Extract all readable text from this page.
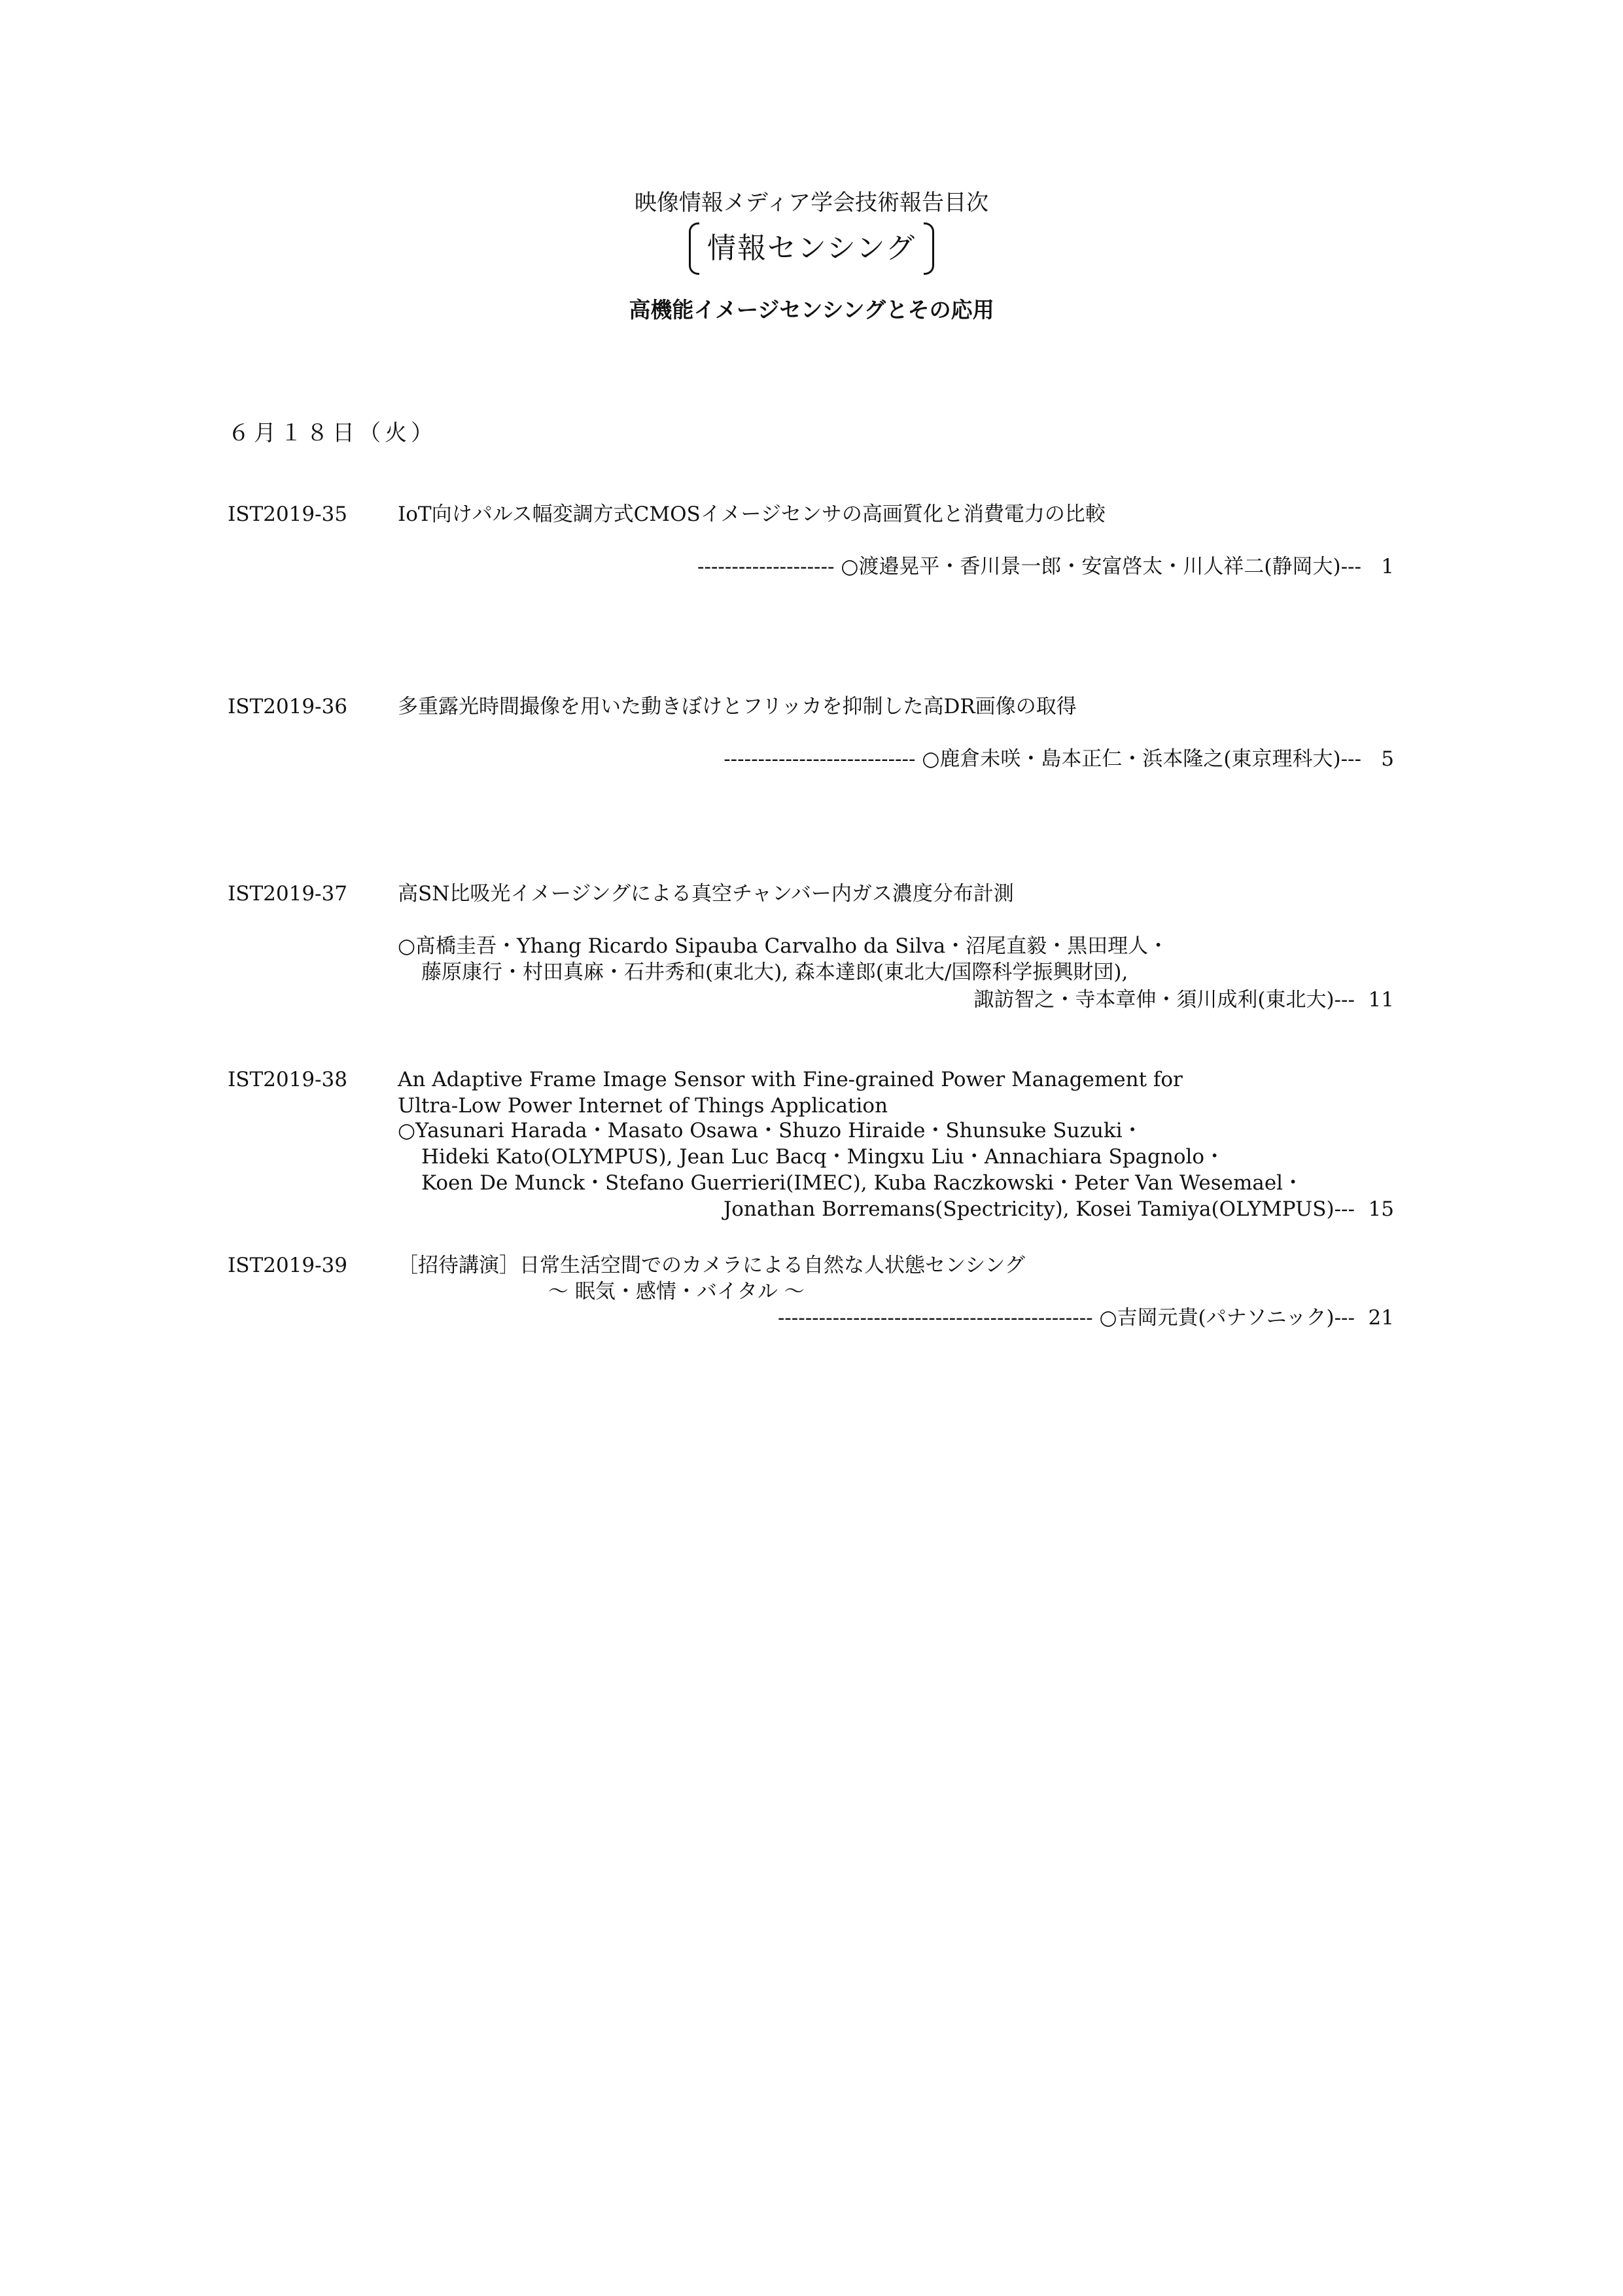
映像情報メディア学会技術報告目次
情報センシング
高機能イメージセンシングとその応用
６月１８日（火）
IST2019-35 IoT向けパルス幅変調方式CMOSイメージセンサの高画質化と消費電力の比較
-------------------- ○渡邉晃平・香川景一郎・安富啓太・川人祥二(静岡大)--- 1
IST2019-36 多重露光時間撮像を用いた動きぼけとフリッカを抑制した高DR画像の取得
---------------------------- ○鹿倉未咲・島本正仁・浜本隆之(東京理科大)--- 5
IST2019-37 高SN比吸光イメージングによる真空チャンバー内ガス濃度分布計測
○髙橋圭吾・Yhang Ricardo Sipauba Carvalho da Silva・沼尾直毅・黒田理人・
藤原康行・村田真麻・石井秀和(東北大), 森本達郎(東北大/国際科学振興財団),
諏訪智之・寺本章伸・須川成利(東北大)--- 11
IST2019-38 An Adaptive Frame Image Sensor with Fine-grained Power Management for
Ultra-Low Power Internet of Things Application
○Yasunari Harada・Masato Osawa・Shuzo Hiraide・Shunsuke Suzuki・
Hideki Kato(OLYMPUS), Jean Luc Bacq・Mingxu Liu・Annachiara Spagnolo・
Koen De Munck・Stefano Guerrieri(IMEC), Kuba Raczkowski・Peter Van Wesemael・
Jonathan Borremans(Spectricity), Kosei Tamiya(OLYMPUS)--- 15
IST2019-39 ［招待講演］日常生活空間でのカメラによる自然な人状態センシング
～ 眠気・感情・バイタル ～
---------------------------------------------- ○吉岡元貴(パナソニック)--- 21
